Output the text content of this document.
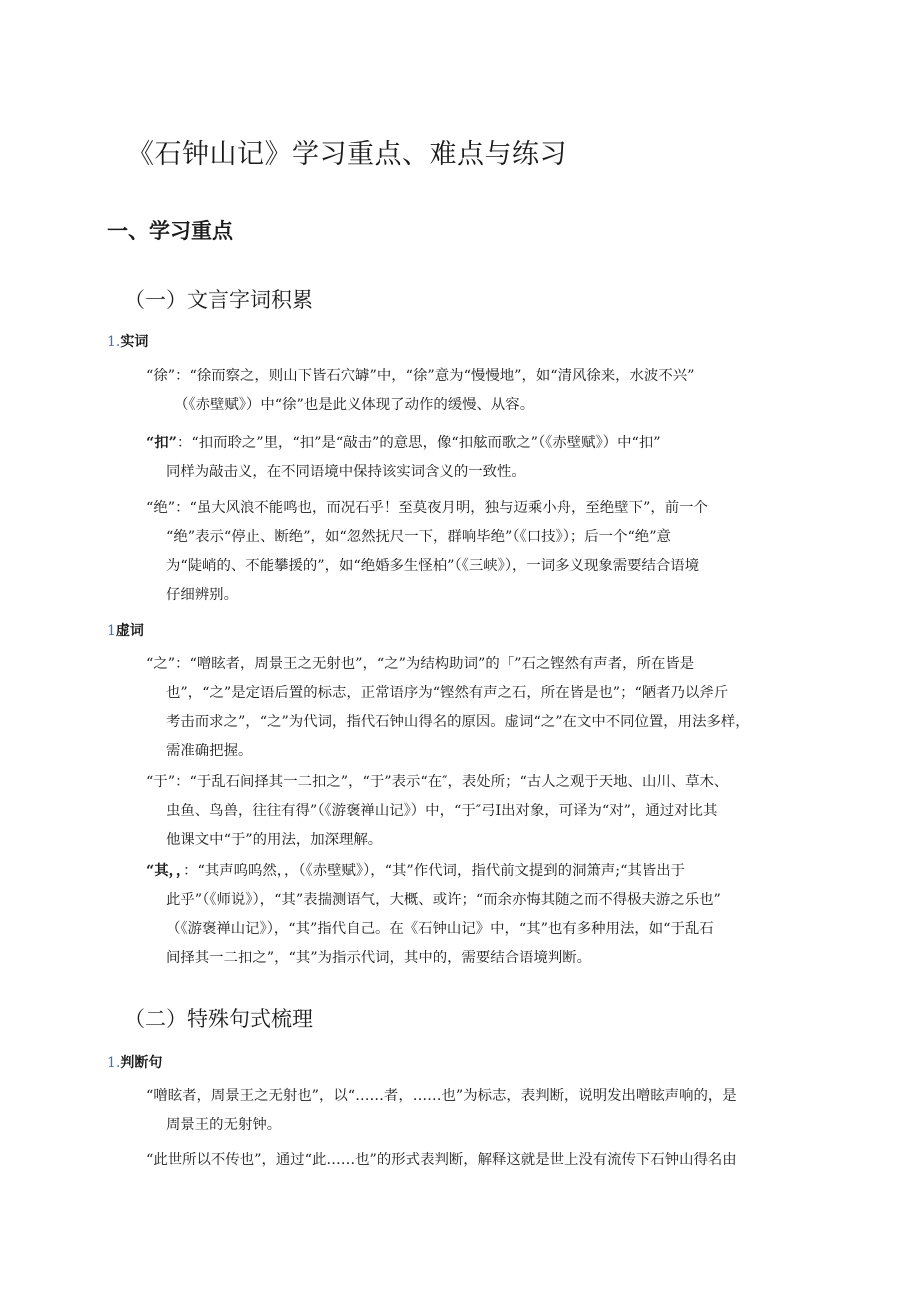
《石钟山记》学习重点、难点与练习
一、学习重点
（一）文言字词积累
1.实词
“徐”：“徐而察之，则山下皆石穴罅”中，“徐”意为“慢慢地”，如“清风徐来，水波不兴”
（《赤壁赋》）中“徐”也是此义体现了动作的缓慢、从容。
“扣”：“扣而聆之”里，“扣”是“敲击”的意思，像“扣舷而歌之”（《赤壁赋》）中“扣”
同样为敲击义，在不同语境中保持该实词含义的一致性。
“绝”：“虽大风浪不能鸣也，而况石乎！至莫夜月明，独与迈乘小舟，至绝壁下”，前一个
“绝”表示“停止、断绝”，如“忽然抚尺一下，群响毕绝”（《口技》）；后一个“绝”意
为“陡峭的、不能攀援的”，如“绝婚多生怪柏”（《三峡》），一词多义现象需要结合语境
仔细辨别。
1虚词
“之”：“噌眩者，周景王之无射也”，“之”为结构助词”的「”石之铿然有声者，所在皆是
也”，“之”是定语后置的标志，正常语序为“铿然有声之石，所在皆是也”；“陋者乃以斧斤
考击而求之”，“之”为代词，指代石钟山得名的原因。虚词“之”在文中不同位置，用法多样，
需准确把握。
“于”：“于乱石间择其一二扣之”，“于”表示“在″，表处所；“古人之观于天地、山川、草木、
虫鱼、鸟兽，往往有得”（《游褒禅山记》）中，“于″弓I出对象，可译为“对”，通过对比其
他课文中“于”的用法，加深理解。
“其，，：“其声呜呜然，，（《赤壁赋》），“其”作代词，指代前文提到的洞箫声;“其皆出于
此乎”（《师说》），“其”表揣测语气，大概、或许；“而余亦悔其随之而不得极夫游之乐也”
（《游褒禅山记》），“其”指代自己。在《石钟山记》中，“其”也有多种用法，如“于乱石
间择其一二扣之”，“其”为指示代词，其中的，需要结合语境判断。
（二）特殊句式梳理
1.判断句
“噌眩者，周景王之无射也”，以“……者，……也”为标志，表判断，说明发出噌眩声响的，是
周景王的无射钟。
“此世所以不传也”，通过“此……也”的形式表判断，解释这就是世上没有流传下石钟山得名由
